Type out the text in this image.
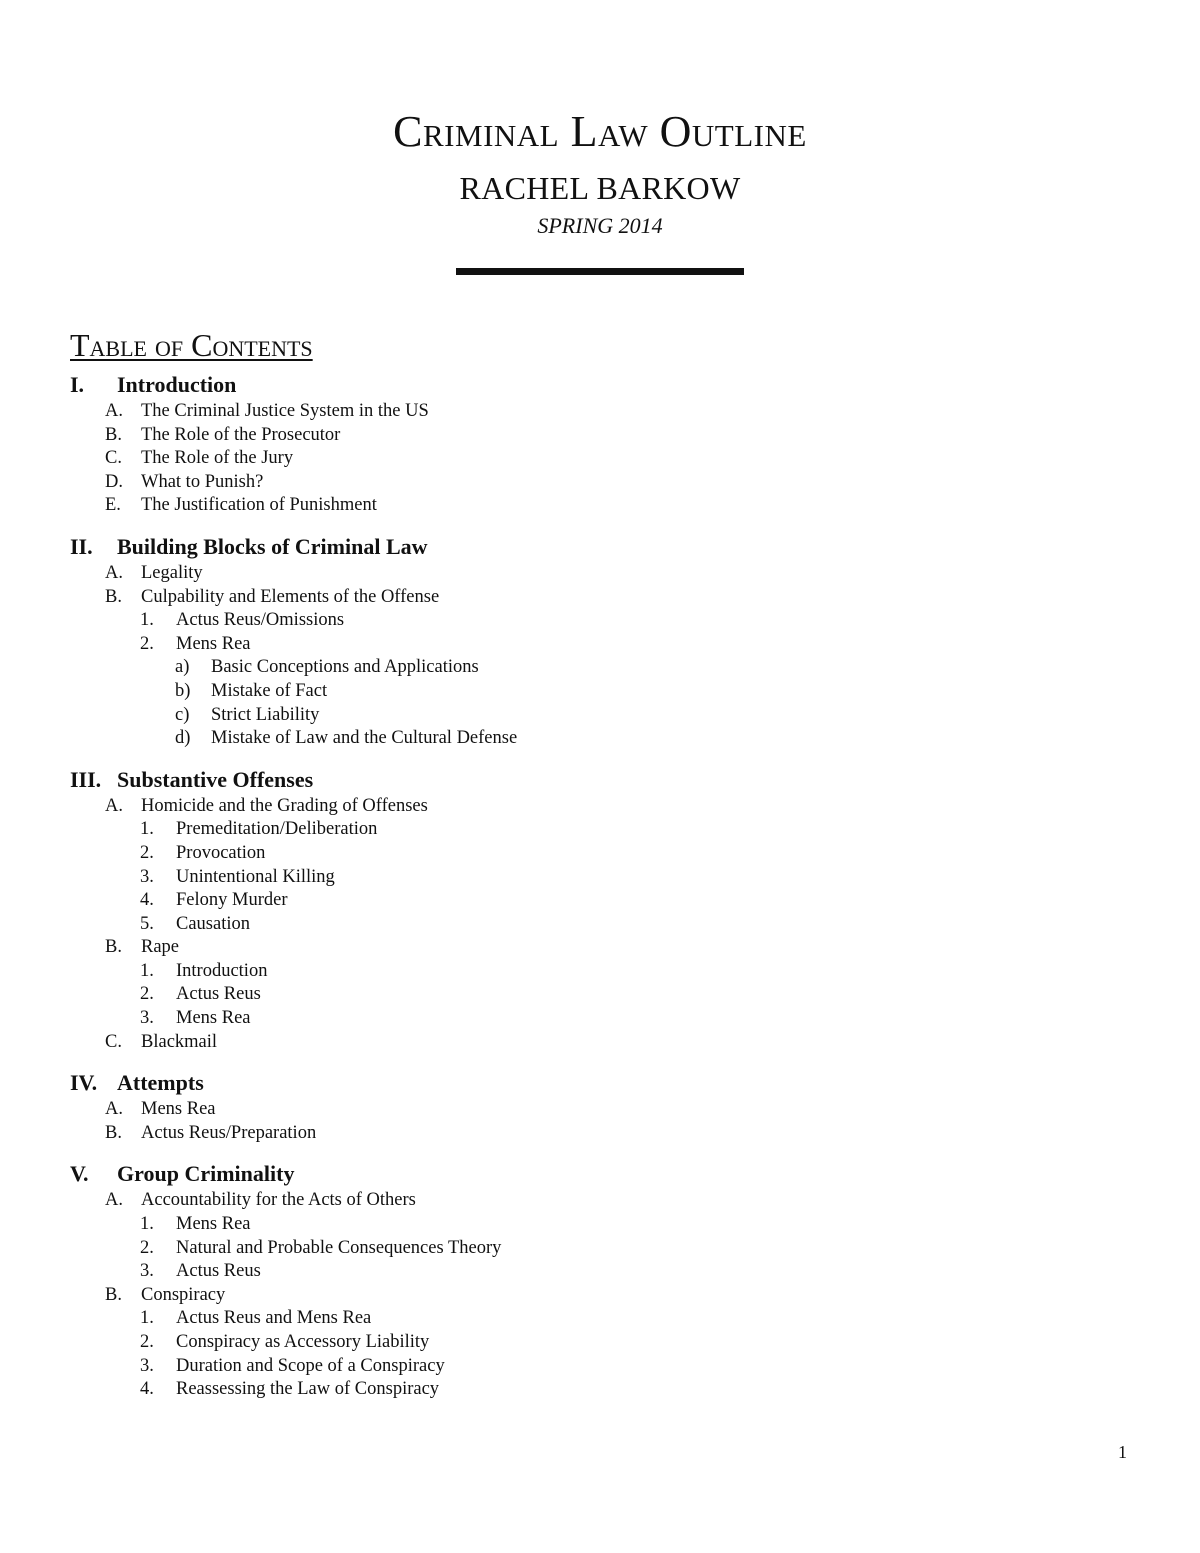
Criminal Law Outline
RACHEL BARKOW
SPRING 2014
Table of Contents
I.	Introduction
A. The Criminal Justice System in the US
B.	The Role of the Prosecutor
C.	The Role of the Jury
D. What to Punish?
E.	The Justification of Punishment
II.	Building Blocks of Criminal Law
A. Legality
B.	Culpability and Elements of the Offense
1.	Actus Reus/Omissions
2.	Mens Rea
a)	Basic Conceptions and Applications
b)	Mistake of Fact
c)	Strict Liability
d)	Mistake of Law and the Cultural Defense
III. Substantive Offenses
A. Homicide and the Grading of Offenses
1.	Premeditation/Deliberation
2.	Provocation
3.	Unintentional Killing
4.	Felony Murder
5.	Causation
B.	Rape
1.	Introduction
2.	Actus Reus
3.	Mens Rea
C.	Blackmail
IV. Attempts
A. Mens Rea
B.	Actus Reus/Preparation
V.	Group Criminality
A. Accountability for the Acts of Others
1.	Mens Rea
2.	Natural and Probable Consequences Theory
3.	Actus Reus
B.	Conspiracy
1.	Actus Reus and Mens Rea
2.	Conspiracy as Accessory Liability
3.	Duration and Scope of a Conspiracy
4.	Reassessing the Law of Conspiracy
1
